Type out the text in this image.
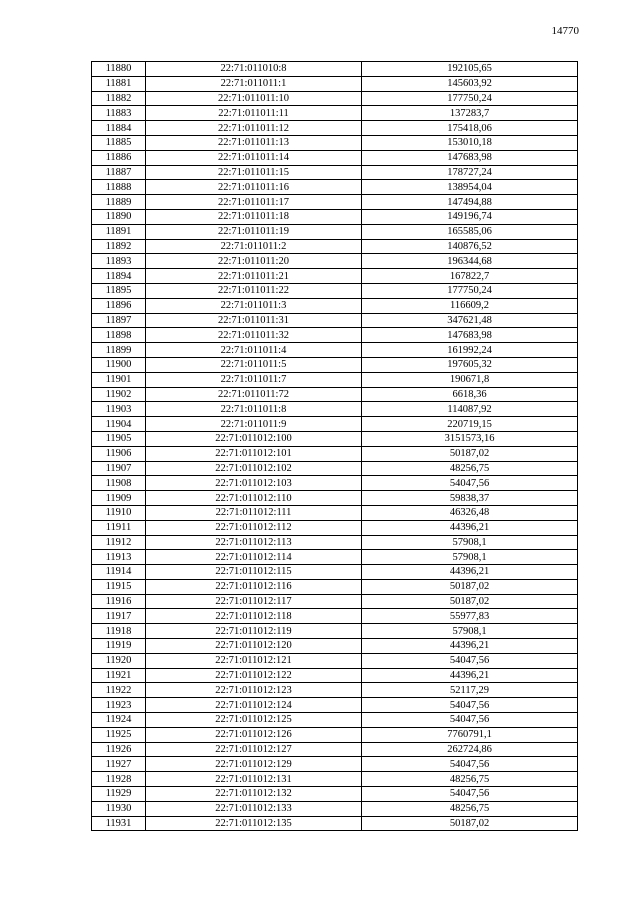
14770
11880	22:71:011010:8	192105,65
11881	22:71:011011:1	145603,92
11882	22:71:011011:10	177750,24
11883	22:71:011011:11	137283,7
11884	22:71:011011:12	175418,06
11885	22:71:011011:13	153010,18
11886	22:71:011011:14	147683,98
11887	22:71:011011:15	178727,24
11888	22:71:011011:16	138954,04
11889	22:71:011011:17	147494,88
11890	22:71:011011:18	149196,74
11891	22:71:011011:19	165585,06
11892	22:71:011011:2	140876,52
11893	22:71:011011:20	196344,68
11894	22:71:011011:21	167822,7
11895	22:71:011011:22	177750,24
11896	22:71:011011:3	116609,2
11897	22:71:011011:31	347621,48
11898	22:71:011011:32	147683,98
11899	22:71:011011:4	161992,24
11900	22:71:011011:5	197605,32
11901	22:71:011011:7	190671,8
11902	22:71:011011:72	6618,36
11903	22:71:011011:8	114087,92
11904	22:71:011011:9	220719,15
11905	22:71:011012:100	3151573,16
11906	22:71:011012:101	50187,02
11907	22:71:011012:102	48256,75
11908	22:71:011012:103	54047,56
11909	22:71:011012:110	59838,37
11910	22:71:011012:111	46326,48
11911	22:71:011012:112	44396,21
11912	22:71:011012:113	57908,1
11913	22:71:011012:114	57908,1
11914	22:71:011012:115	44396,21
11915	22:71:011012:116	50187,02
11916	22:71:011012:117	50187,02
11917	22:71:011012:118	55977,83
11918	22:71:011012:119	57908,1
11919	22:71:011012:120	44396,21
11920	22:71:011012:121	54047,56
11921	22:71:011012:122	44396,21
11922	22:71:011012:123	52117,29
11923	22:71:011012:124	54047,56
11924	22:71:011012:125	54047,56
11925	22:71:011012:126	7760791,1
11926	22:71:011012:127	262724,86
11927	22:71:011012:129	54047,56
11928	22:71:011012:131	48256,75
11929	22:71:011012:132	54047,56
11930	22:71:011012:133	48256,75
11931	22:71:011012:135	50187,02
